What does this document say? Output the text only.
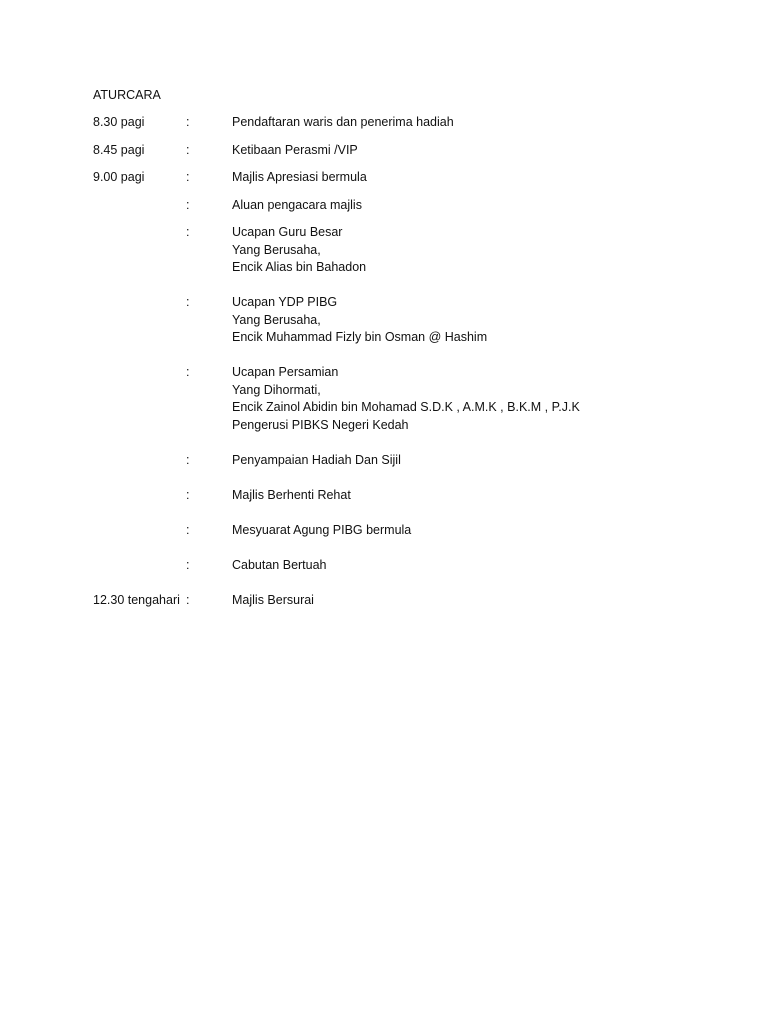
ATURCARA
8.30 pagi	:	Pendaftaran waris dan penerima hadiah
8.45 pagi	:	Ketibaan Perasmi /VIP
9.00 pagi	:	Majlis Apresiasi bermula
:	Aluan pengacara majlis
:	Ucapan Guru Besar
Yang Berusaha,
Encik Alias bin Bahadon
:	Ucapan YDP PIBG
Yang Berusaha,
Encik Muhammad Fizly bin Osman @ Hashim
:	Ucapan Persamian
Yang Dihormati,
Encik Zainol Abidin bin Mohamad S.D.K , A.M.K , B.K.M , P.J.K
Pengerusi PIBKS Negeri Kedah
:	Penyampaian Hadiah Dan Sijil
:	Majlis Berhenti Rehat
:	Mesyuarat Agung PIBG bermula
:	Cabutan Bertuah
12.30 tengahari :	Majlis Bersurai
